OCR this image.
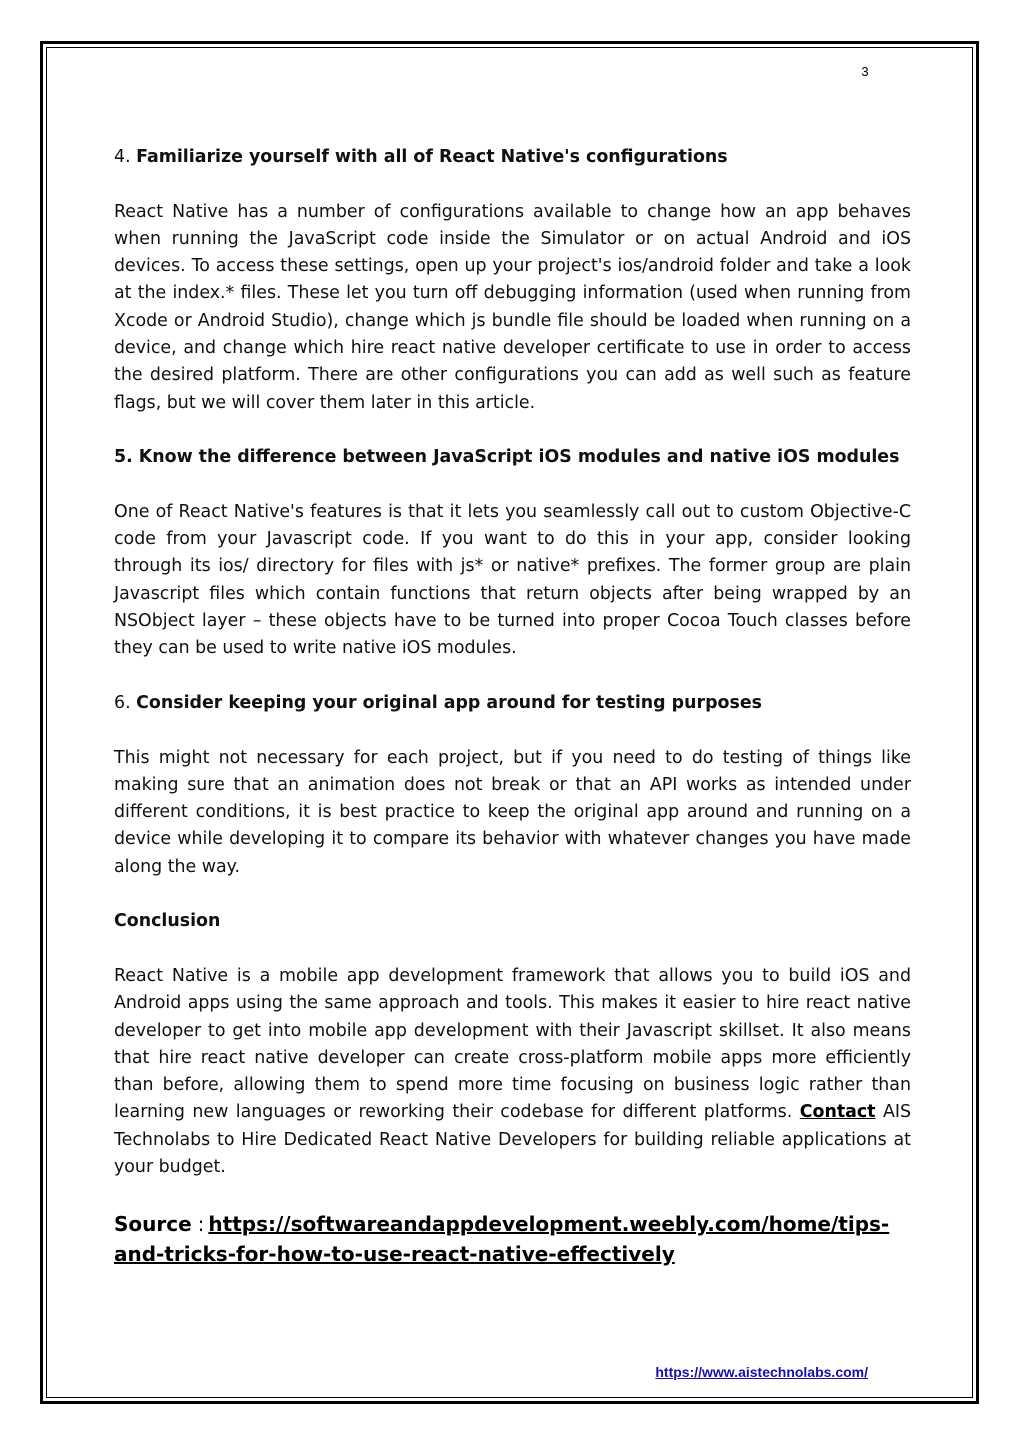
3

4. Familiarize yourself with all of React Native's configurations

React Native has a number of configurations available to change how an app behaves when running the JavaScript code inside the Simulator or on actual Android and iOS devices. To access these settings, open up your project's ios/android folder and take a look at the index.* files. These let you turn off debugging information (used when running from Xcode or Android Studio), change which js bundle file should be loaded when running on a device, and change which hire react native developer certificate to use in order to access the desired platform. There are other configurations you can add as well such as feature flags, but we will cover them later in this article.

5. Know the difference between JavaScript iOS modules and native iOS modules

One of React Native's features is that it lets you seamlessly call out to custom Objective-C code from your Javascript code. If you want to do this in your app, consider looking through its ios/ directory for files with js* or native* prefixes. The former group are plain Javascript files which contain functions that return objects after being wrapped by an NSObject layer – these objects have to be turned into proper Cocoa Touch classes before they can be used to write native iOS modules.

6. Consider keeping your original app around for testing purposes

This might not necessary for each project, but if you need to do testing of things like making sure that an animation does not break or that an API works as intended under different conditions, it is best practice to keep the original app around and running on a device while developing it to compare its behavior with whatever changes you have made along the way.

Conclusion

React Native is a mobile app development framework that allows you to build iOS and Android apps using the same approach and tools. This makes it easier to hire react native developer to get into mobile app development with their Javascript skillset. It also means that hire react native developer can create cross-platform mobile apps more efficiently than before, allowing them to spend more time focusing on business logic rather than learning new languages or reworking their codebase for different platforms. Contact AIS Technolabs to Hire Dedicated React Native Developers for building reliable applications at your budget.

Source : https://softwareandappdevelopment.weebly.com/home/tips-and-tricks-for-how-to-use-react-native-effectively
https://www.aistechnolabs.com/
